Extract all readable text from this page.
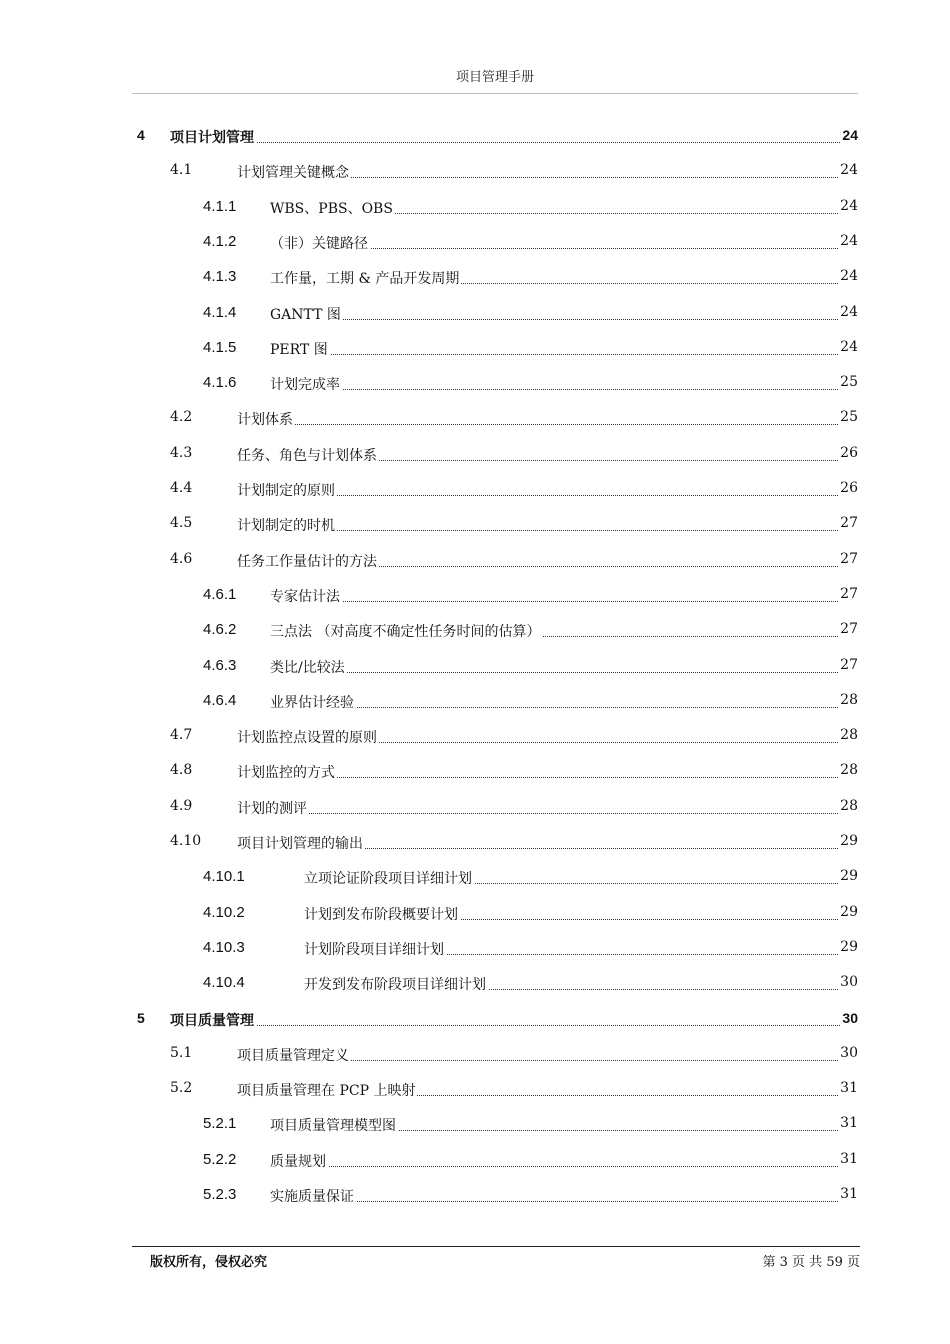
项目管理手册
4 项目计划管理	24
4.1	计划管理关键概念	24
4.1.1 WBS、PBS、OBS	24
4.1.2 （非）关键路径	24
4.1.3 工作量，工期 & 产品开发周期	24
4.1.4 GANTT 图	24
4.1.5 PERT 图	24
4.1.6 计划完成率	25
4.2	计划体系	25
4.3	任务、角色与计划体系	26
4.4	计划制定的原则	26
4.5	计划制定的时机	27
4.6	任务工作量估计的方法	27
4.6.1 专家估计法	27
4.6.2 三点法 （对高度不确定性任务时间的估算）	27
4.6.3 类比/比较法	27
4.6.4 业界估计经验	28
4.7	计划监控点设置的原则	28
4.8	计划监控的方式	28
4.9	计划的测评	28
4.10	项目计划管理的输出	29
4.10.1	立项论证阶段项目详细计划	29
4.10.2	计划到发布阶段概要计划	29
4.10.3	计划阶段项目详细计划	29
4.10.4	开发到发布阶段项目详细计划	30
5 项目质量管理	30
5.1	项目质量管理定义	30
5.2	项目质量管理在 PCP 上映射	31
5.2.1 项目质量管理模型图	31
5.2.2 质量规划	31
5.2.3 实施质量保证	31
版权所有，侵权必究	第 3 页 共 59 页
